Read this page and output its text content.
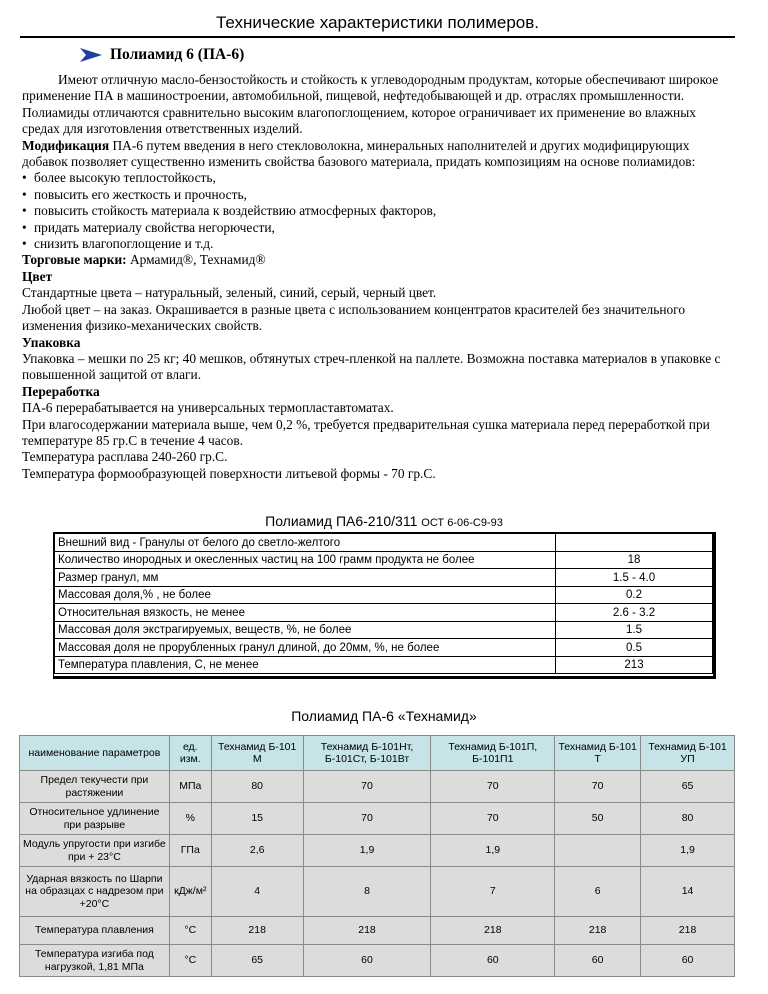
Технические характеристики полимеров.
Полиамид 6 (ПА-6)

Имеют отличную масло-бензостойкость и стойкость к углеводородным продуктам, которые обеспечивают широкое применение ПА в машиностроении, автомобильной, пищевой, нефтедобывающей и др. отраслях промышленности. Полиамиды отличаются сравнительно высоким влагопоглощением, которое ограничивает их применение во влажных средах для изготовления ответственных изделий.

Модификация ПА-6 путем введения в него стекловолокна, минеральных наполнителей и других модифицирующих добавок позволяет существенно изменить свойства базового материала, придать композициям на основе полиамидов:

• более высокую теплостойкость,

• повысить его жесткость и прочность,

• повысить стойкость материала к воздействию атмосферных факторов,

• придать материалу свойства негорючести,

• снизить влагопоглощение и т.д.

Торговые марки: Армамид®, Технамид®

Цвет

Стандартные цвета – натуральный, зеленый, синий, серый, черный цвет.

Любой цвет – на заказ. Окрашивается в разные цвета с использованием концентратов красителей без значительного изменения физико-механических свойств.

Упаковка

Упаковка – мешки по 25 кг; 40 мешков, обтянутых стреч-пленкой на паллете. Возможна поставка материалов в упаковке с повышенной защитой от влаги.

Переработка

ПА-6 перерабатывается на универсальных термопластавтоматах.

При влагосодержании материала выше, чем 0,2 %, требуется предварительная сушка материала перед переработкой при температуре 85 гр.С в течение 4 часов.

Температура расплава 240-260 гр.С.

Температура формообразующей поверхности литьевой формы - 70 гр.С.

Полиамид ПА6-210/311 ОСТ 6-06-С9-93
Внешний вид - Гранулы от белого до светло-желтого	
Количество инородных и окесленных частиц на 100 грамм продукта не более	18
Размер гранул, мм	1.5 - 4.0
Массовая доля,% , не более	0.2
Относительная вязкость, не менее	2.6 - 3.2
Массовая доля экстрагируемых, веществ, %, не более	1.5
Массовая доля не прорубленных гранул длиной, до 20мм, %, не более	0.5
Температура плавления, С, не менее	213
Полиамид ПА-6 «Технамид»
наименование параметров	ед. изм.	Технамид Б-101 М	Технамид Б-101Нт, Б-101Ст, Б-101Вт	Технамид Б-101П, Б-101П1	Технамид Б-101 Т	Технамид Б-101 УП
Предел текучести при растяжении	МПа	80	70	70	70	65
Относительное удлинение при разрыве	%	15	70	70	50	80
Модуль упругости при изгибе при + 23°С	ГПа	2,6	1,9	1,9		1,9
Ударная вязкость по Шарпи на образцах с надрезом при +20°С	кДж/м²	4	8	7	6	14
Температура плавления	°С	218	218	218	218	218
Температура изгиба под нагрузкой, 1,81 МПа	°С	65	60	60	60	60
